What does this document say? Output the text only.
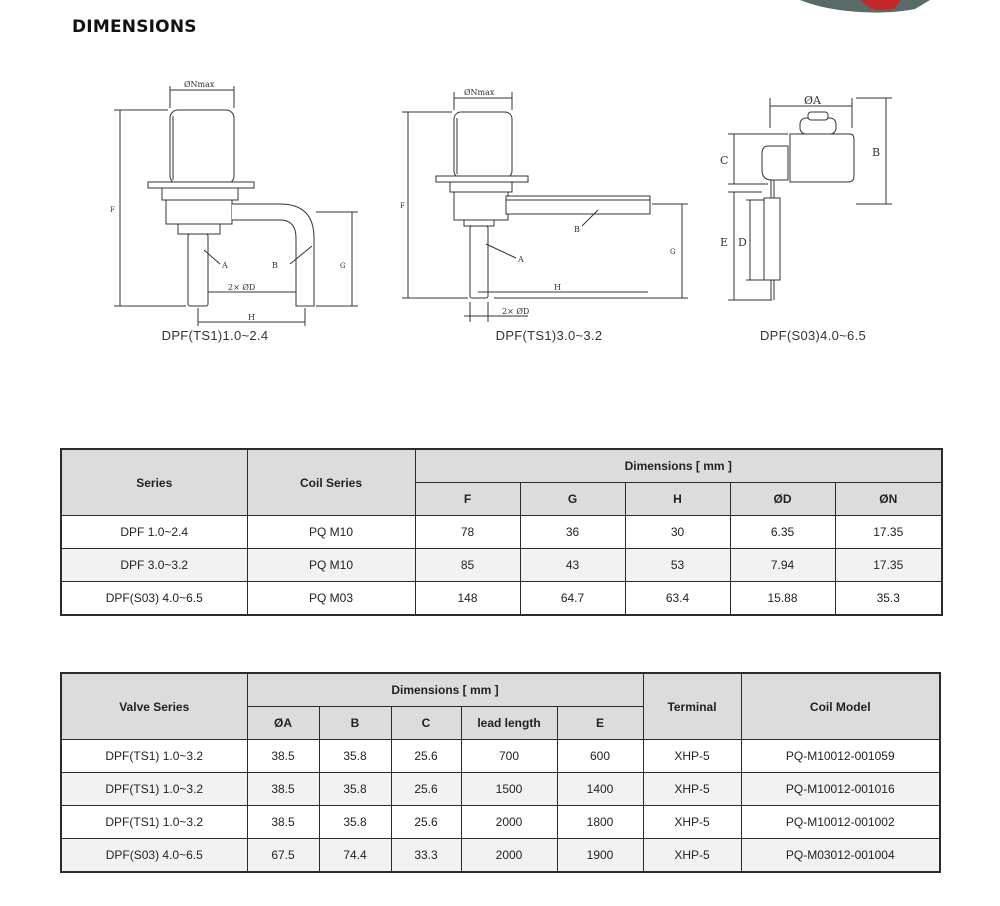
DIMENSIONS
ØNmax
F
G
A	B
2× ØD
H
DPF(TS1)1.0~2.4
ØNmax
F
G
A
B
H
2× ØD
DPF(TS1)3.0~3.2
ØA
B
C
E D
DPF(S03)4.0~6.5
Series	Coil Series	Dimensions [ mm ]				
		F	G	H	ØD	ØN
DPF 1.0~2.4	PQ M10	78	36	30	6.35	17.35
DPF 3.0~3.2	PQ M10	85	43	53	7.94	17.35
DPF(S03) 4.0~6.5	PQ M03	148	64.7	63.4	15.88	35.3
Valve Series	Dimensions [ mm ]					Terminal	Coil Model
	ØA	B	C	lead length	E		
DPF(TS1) 1.0~3.2	38.5	35.8	25.6	700	600	XHP-5	PQ-M10012-001059
DPF(TS1) 1.0~3.2	38.5	35.8	25.6	1500	1400	XHP-5	PQ-M10012-001016
DPF(TS1) 1.0~3.2	38.5	35.8	25.6	2000	1800	XHP-5	PQ-M10012-001002
DPF(S03) 4.0~6.5	67.5	74.4	33.3	2000	1900	XHP-5	PQ-M03012-001004
